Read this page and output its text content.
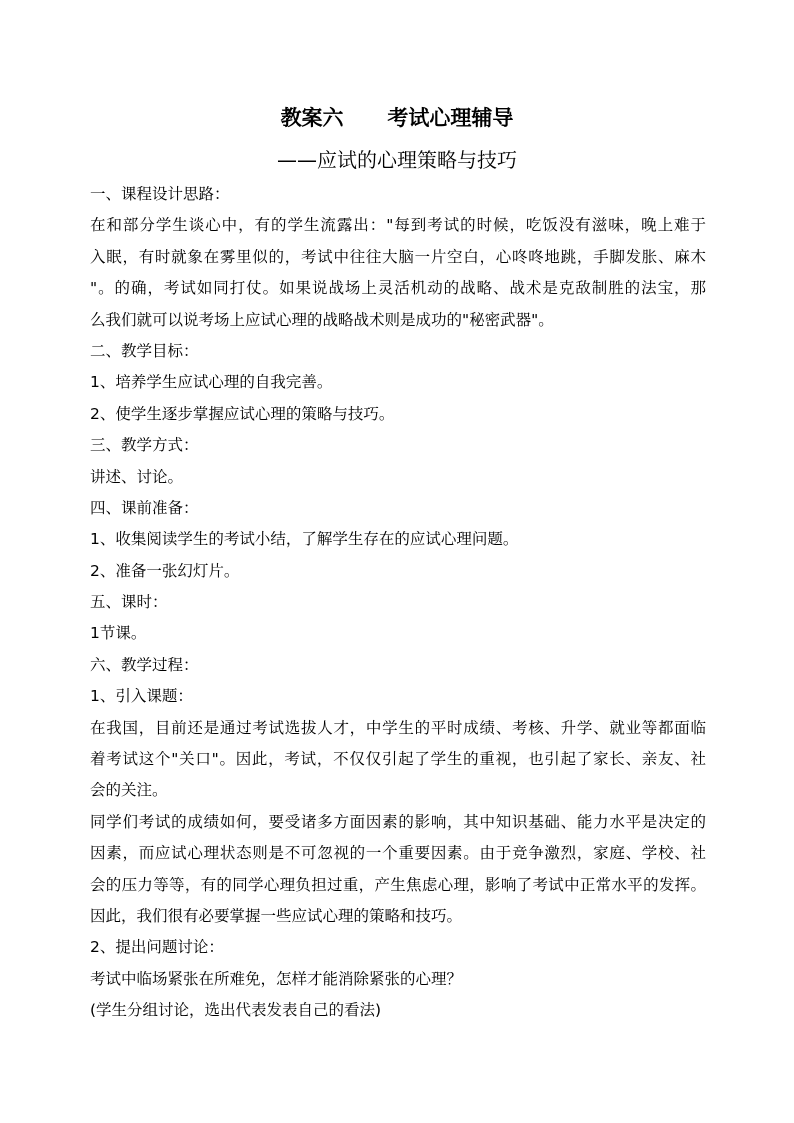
教案六      考试心理辅导
——应试的心理策略与技巧
一、课程设计思路：
在和部分学生谈心中，有的学生流露出："每到考试的时候，吃饭没有滋味，晚上难于
入眠，有时就象在雾里似的，考试中往往大脑一片空白，心咚咚地跳，手脚发胀、麻木
"。的确，考试如同打仗。如果说战场上灵活机动的战略、战术是克敌制胜的法宝，那
么我们就可以说考场上应试心理的战略战术则是成功的"秘密武器"。
二、教学目标：
1、培养学生应试心理的自我完善。
2、使学生逐步掌握应试心理的策略与技巧。
三、教学方式：
讲述、讨论。
四、课前准备：
1、收集阅读学生的考试小结，了解学生存在的应试心理问题。
2、准备一张幻灯片。
五、课时：
1节课。
六、教学过程：
1、引入课题：
在我国，目前还是通过考试选拔人才，中学生的平时成绩、考核、升学、就业等都面临
着考试这个"关口"。因此，考试，不仅仅引起了学生的重视，也引起了家长、亲友、社
会的关注。
同学们考试的成绩如何，要受诸多方面因素的影响，其中知识基础、能力水平是决定的
因素，而应试心理状态则是不可忽视的一个重要因素。由于竞争激烈，家庭、学校、社
会的压力等等，有的同学心理负担过重，产生焦虑心理，影响了考试中正常水平的发挥。
因此，我们很有必要掌握一些应试心理的策略和技巧。
2、提出问题讨论：
考试中临场紧张在所难免，怎样才能消除紧张的心理？
(学生分组讨论，选出代表发表自己的看法)
